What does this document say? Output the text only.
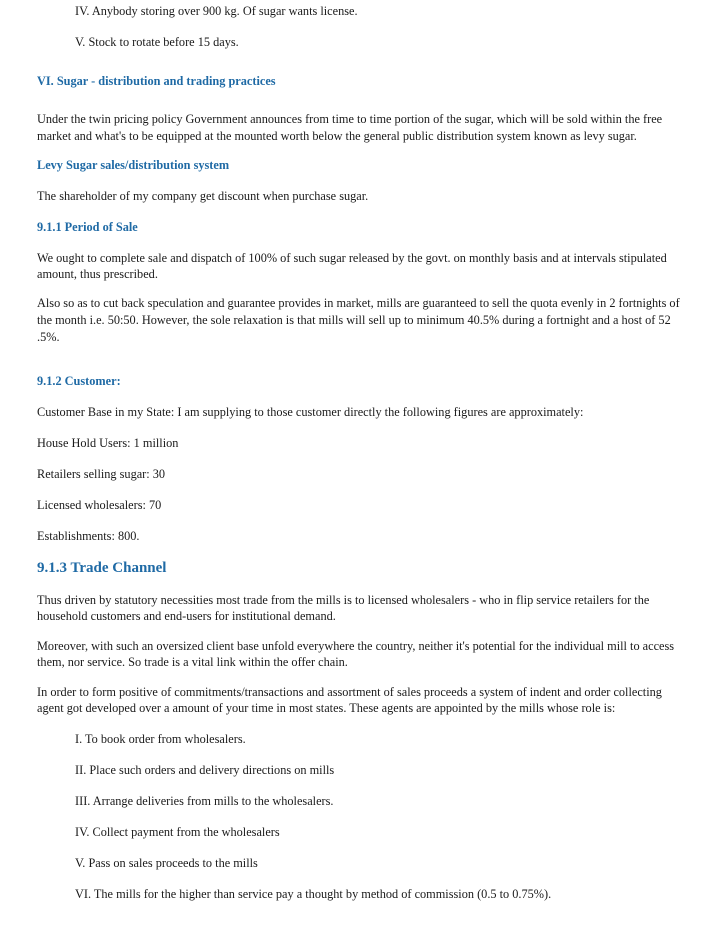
IV. Anybody storing over 900 kg. Of sugar wants license.
V. Stock to rotate before 15 days.
VI. Sugar - distribution and trading practices
Under the twin pricing policy Government announces from time to time portion of the sugar, which will be sold within the free
market and what's to be equipped at the mounted worth below the general public distribution system known as levy sugar.
Levy Sugar sales/distribution system
The shareholder of my company get discount when purchase sugar.
9.1.1 Period of Sale
We ought to complete sale and dispatch of 100% of such sugar released by the govt. on monthly basis and at intervals stipulated
amount, thus prescribed.
Also so as to cut back speculation and guarantee provides in market, mills are guaranteed to sell the quota evenly in 2 fortnights of
the month i.e. 50:50. However, the sole relaxation is that mills will sell up to minimum 40.5% during a fortnight and a host of 52
.5%.
9.1.2 Customer:
Customer Base in my State: I am supplying to those customer directly the following figures are approximately:
House Hold Users: 1 million
Retailers selling sugar: 30
Licensed wholesalers: 70
Establishments: 800.
9.1.3 Trade Channel
Thus driven by statutory necessities most trade from the mills is to licensed wholesalers - who in flip service retailers for the
household customers and end-users for institutional demand.
Moreover, with such an oversized client base unfold everywhere the country, neither it's potential for the individual mill to access
them, nor service. So trade is a vital link within the offer chain.
In order to form positive of commitments/transactions and assortment of sales proceeds a system of indent and order collecting
agent got developed over a amount of your time in most states. These agents are appointed by the mills whose role is:
I. To book order from wholesalers.
II. Place such orders and delivery directions on mills
III. Arrange deliveries from mills to the wholesalers.
IV. Collect payment from the wholesalers
V. Pass on sales proceeds to the mills
VI. The mills for the higher than service pay a thought by method of commission (0.5 to 0.75%).
